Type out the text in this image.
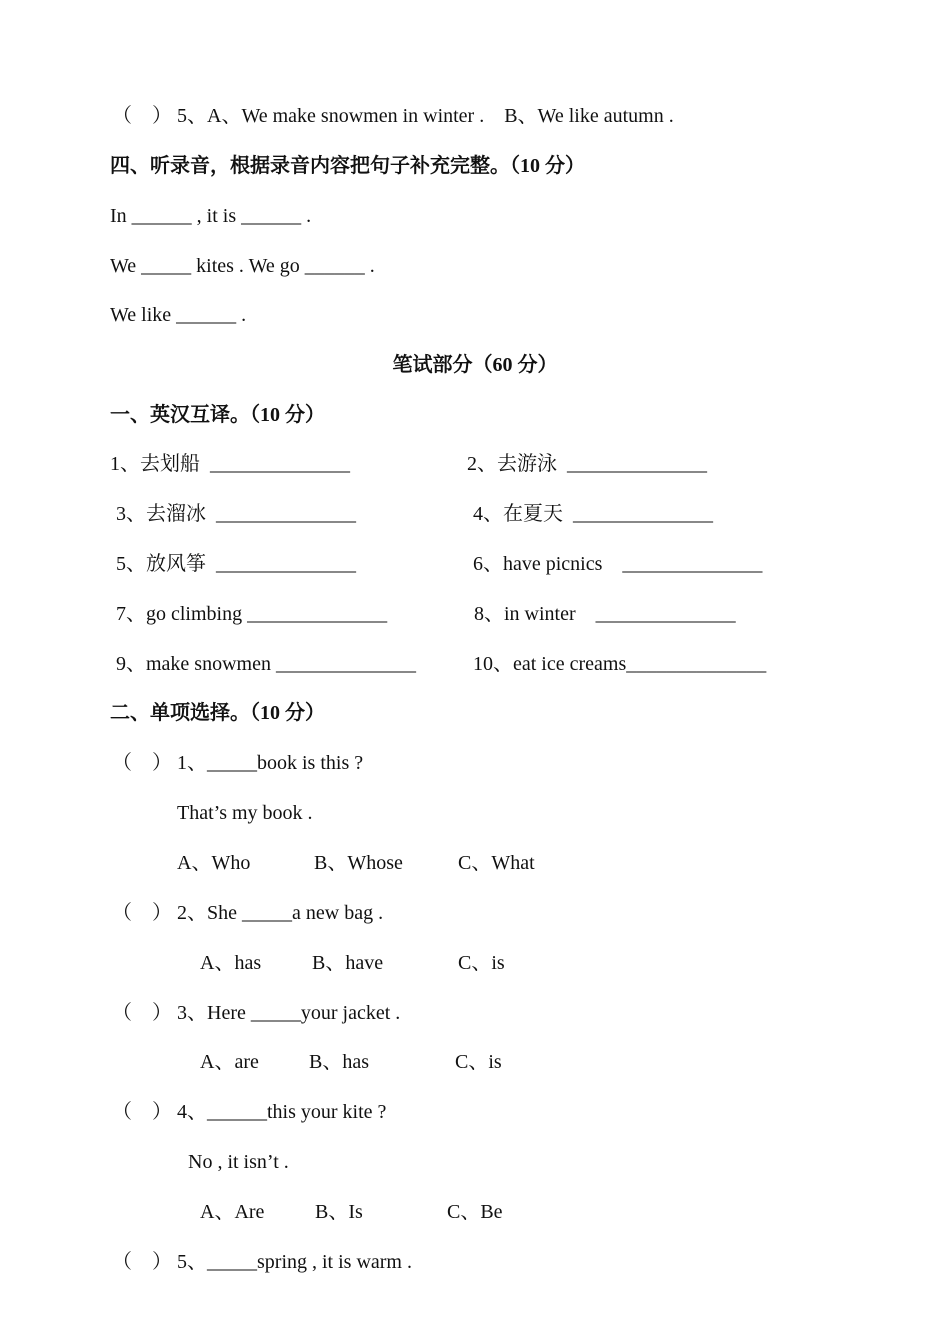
（    ） 5、A、We make snowmen in winter .    B、We like autumn .
四、听录音，根据录音内容把句子补充完整。（10 分）
In ______ , it is ______ .
We _____ kites . We go ______ .
We like ______ .
笔试部分（60 分）
一、英汉互译。（10 分）
1、去划船  ______________	2、去游泳  ______________
3、去溜冰  ______________	4、在夏天  ______________
5、放风筝  ______________	6、have picnics    ______________
7、go climbing ______________	8、in winter    ______________
9、make snowmen ______________	10、eat ice creams______________
二、单项选择。（10 分）
（    ） 1、_____book is this ?
That’s my book .
A、Who	B、Whose	C、What
（    ） 2、She _____a new bag .
A、has	B、have	C、is
（    ） 3、Here _____your jacket .
A、are	B、has	C、is
（    ） 4、______this your kite ?
No , it isn’t .
A、Are	B、Is	C、Be
（    ） 5、_____spring , it is warm .
